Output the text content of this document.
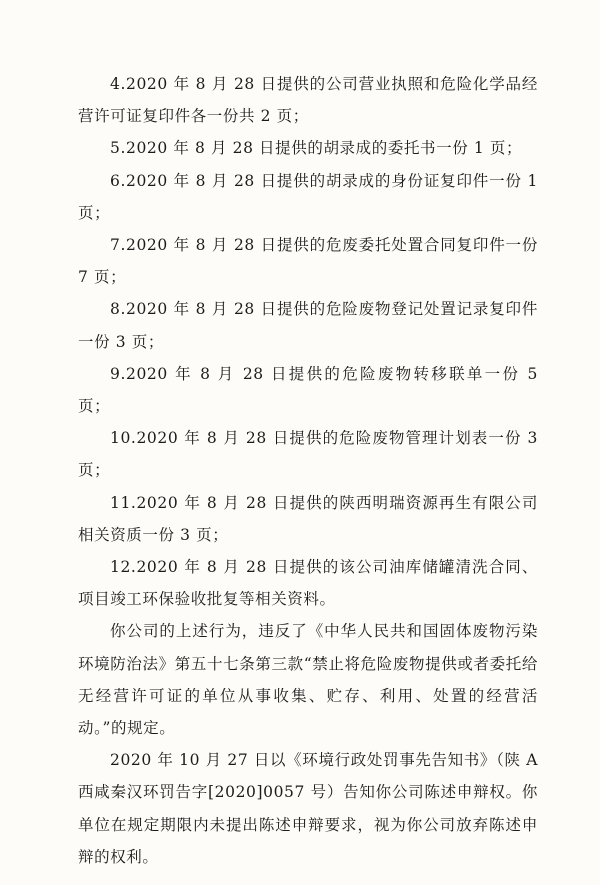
4.2020 年 8 月 28 日提供的公司营业执照和危险化学品经营许可证复印件各一份共 2 页；

5.2020 年 8 月 28 日提供的胡录成的委托书一份 1 页；

6.2020 年 8 月 28 日提供的胡录成的身份证复印件一份 1 页；

7.2020 年 8 月 28 日提供的危废委托处置合同复印件一份 7 页；

8.2020 年 8 月 28 日提供的危险废物登记处置记录复印件一份 3 页；

9.2020 年 8 月 28 日提供的危险废物转移联单一份 5 页；

10.2020 年 8 月 28 日提供的危险废物管理计划表一份 3 页；

11.2020 年 8 月 28 日提供的陕西明瑞资源再生有限公司相关资质一份 3 页；

12.2020 年 8 月 28 日提供的该公司油库储罐清洗合同、项目竣工环保验收批复等相关资料。

你公司的上述行为，违反了《中华人民共和国固体废物污染环境防治法》第五十七条第三款“禁止将危险废物提供或者委托给无经营许可证的单位从事收集、贮存、利用、处置的经营活动。”的规定。

2020 年 10 月 27 日以《环境行政处罚事先告知书》（陕 A 西咸秦汉环罚告字[2020]0057 号）告知你公司陈述申辩权。你单位在规定期限内未提出陈述申辩要求，视为你公司放弃陈述申辩的权利。
